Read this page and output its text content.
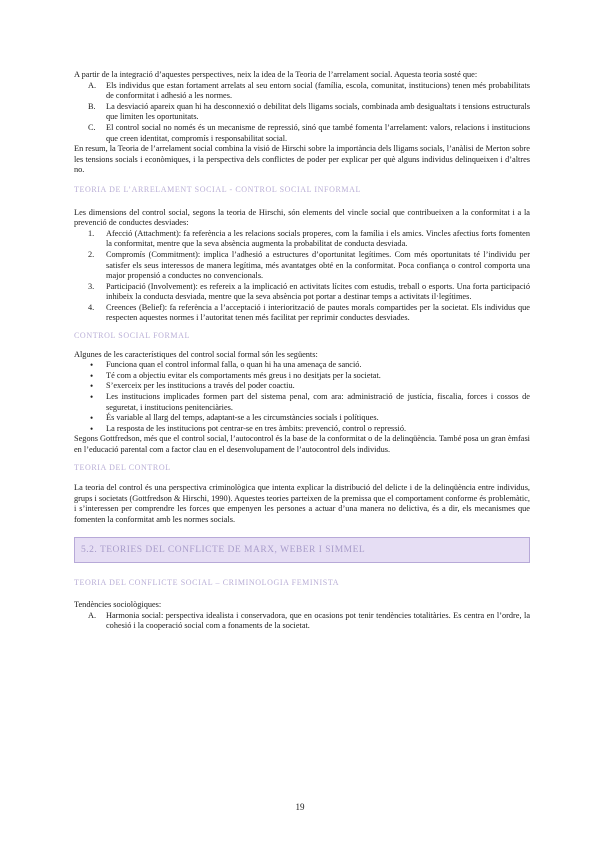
A partir de la integració d’aquestes perspectives, neix la idea de la Teoria de l’arrelament social. Aquesta teoria sosté que:

A. Els individus que estan fortament arrelats al seu entorn social (família, escola, comunitat, institucions) tenen més probabilitats de conformitat i adhesió a les normes.
B. La desviació apareix quan hi ha desconnexió o debilitat dels lligams socials, combinada amb desigualtats i tensions estructurals que limiten les oportunitats.
C. El control social no només és un mecanisme de repressió, sinó que també fomenta l’arrelament: valors, relacions i institucions que creen identitat, compromís i responsabilitat social.

En resum, la Teoria de l’arrelament social combina la visió de Hirschi sobre la importància dels lligams socials, l’anàlisi de Merton sobre les tensions socials i econòmiques, i la perspectiva dels conflictes de poder per explicar per què alguns individus delinqueixen i d’altres no.

TEORIA DE L’ARRELAMENT SOCIAL - CONTROL SOCIAL INFORMAL

Les dimensions del control social, segons la teoria de Hirschi, són elements del vincle social que contribueixen a la conformitat i a la prevenció de conductes desviades:

1. Afecció (Attachment): fa referència a les relacions socials properes, com la família i els amics. Vincles afectius forts fomenten la conformitat, mentre que la seva absència augmenta la probabilitat de conducta desviada.
2. Compromís (Commitment): implica l’adhesió a estructures d’oportunitat legítimes. Com més oportunitats té l’individu per satisfer els seus interessos de manera legítima, més avantatges obté en la conformitat. Poca confiança o control comporta una major propensió a conductes no convencionals.
3. Participació (Involvement): es refereix a la implicació en activitats lícites com estudis, treball o esports. Una forta participació inhibeix la conducta desviada, mentre que la seva absència pot portar a destinar temps a activitats il·legítimes.
4. Creences (Belief): fa referència a l’acceptació i interiorització de pautes morals compartides per la societat. Els individus que respecten aquestes normes i l’autoritat tenen més facilitat per reprimir conductes desviades.

CONTROL SOCIAL FORMAL

Algunes de les característiques del control social formal són les següents:

• Funciona quan el control informal falla, o quan hi ha una amenaça de sanció.
• Té com a objectiu evitar els comportaments més greus i no desitjats per la societat.
• S’exerceix per les institucions a través del poder coactiu.
• Les institucions implicades formen part del sistema penal, com ara: administració de justícia, fiscalia, forces i cossos de seguretat, i institucions penitenciàries.
• És variable al llarg del temps, adaptant-se a les circumstàncies socials i polítiques.
• La resposta de les institucions pot centrar-se en tres àmbits: prevenció, control o repressió.

Segons Gottfredson, més que el control social, l’autocontrol és la base de la conformitat o de la delinqüència. També posa un gran èmfasi en l’educació parental com a factor clau en el desenvolupament de l’autocontrol dels individus.

TEORIA DEL CONTROL

La teoria del control és una perspectiva criminològica que intenta explicar la distribució del delicte i de la delinqüència entre individus, grups i societats (Gottfredson & Hirschi, 1990). Aquestes teories parteixen de la premissa que el comportament conforme és problemàtic, i s’interessen per comprendre les forces que empenyen les persones a actuar d’una manera no delictiva, és a dir, els mecanismes que fomenten la conformitat amb les normes socials.

5.2. TEORIES DEL CONFLICTE DE MARX, WEBER I SIMMEL

TEORIA DEL CONFLICTE SOCIAL – CRIMINOLOGIA FEMINISTA

Tendències sociològiques:

A. Harmonia social: perspectiva idealista i conservadora, que en ocasions pot tenir tendències totalitàries. Es centra en l’ordre, la cohesió i la cooperació social com a fonaments de la societat.
19
